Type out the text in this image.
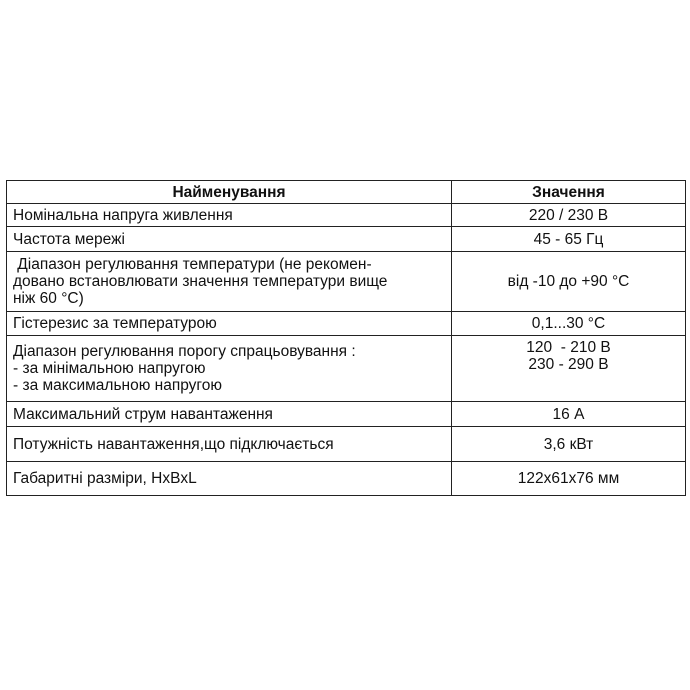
Найменування	Значення

Номінальна напруга живлення	220 / 230 В

Частота мережі	45 - 65 Гц

Діапазон регулювання температури (не рекомен-
довано встановлювати значення температури вище
ніж 60 °С)	від -10 до +90 °С

Гістерезис за температурою	0,1...30 °С

Діапазон регулювання порогу спрацьовування :
- за мінімальною напругою
- за максимальною напругою	120  - 210 В
230 - 290 В

Максимальний струм навантаження	16 А

Потужність навантаження,що підключається	3,6 кВт

Габаритні разміри, НxBxL	122x61x76 мм
